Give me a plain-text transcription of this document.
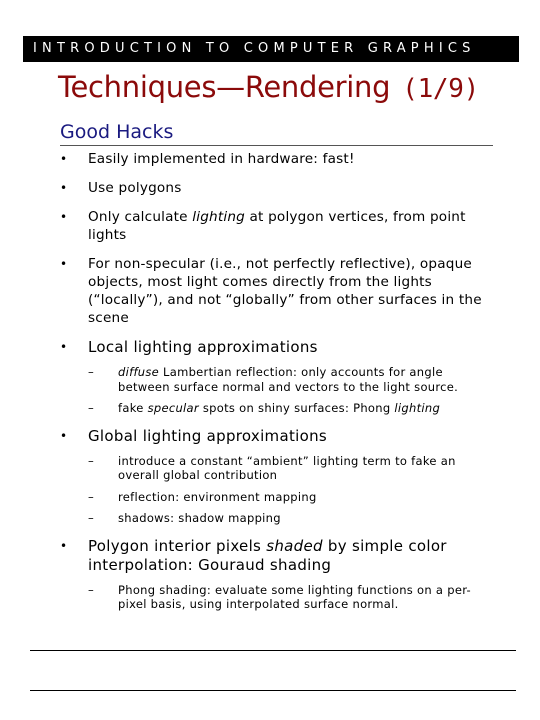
INTRODUCTION TO COMPUTER GRAPHICS
Techniques—Rendering (1/9)
Good Hacks
• Easily implemented in hardware: fast!
• Use polygons
• Only calculate lighting at polygon vertices, from point lights
• For non-specular (i.e., not perfectly reflective), opaque objects, most light comes directly from the lights (“locally”), and not “globally” from other surfaces in the scene
• Local lighting approximations
– diffuse Lambertian reflection: only accounts for angle between surface normal and vectors to the light source.
– fake specular spots on shiny surfaces: Phong lighting
• Global lighting approximations
– introduce a constant “ambient” lighting term to fake an overall global contribution
– reflection: environment mapping
– shadows: shadow mapping
• Polygon interior pixels shaded by simple color interpolation: Gouraud shading
– Phong shading: evaluate some lighting functions on a per-pixel basis, using interpolated surface normal.
